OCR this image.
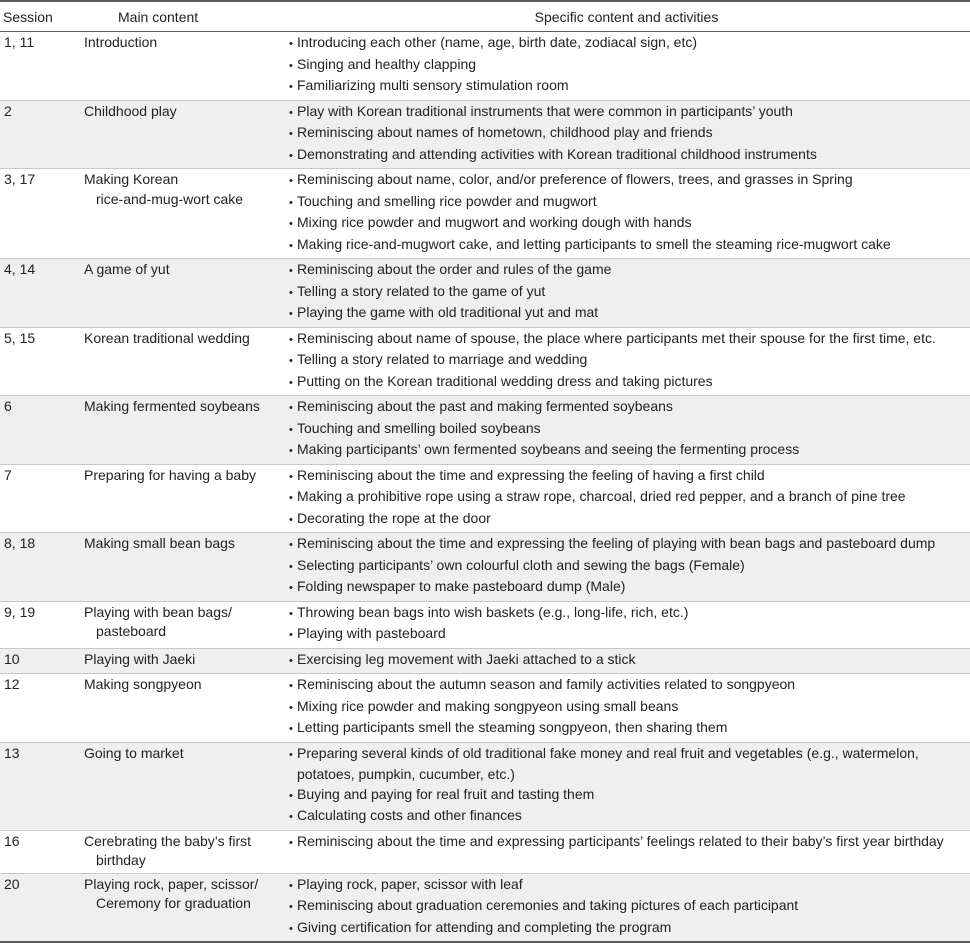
Session	Main content	Specific content and activities
1, 11	Introduction	• Introducing each other (name, age, birth date, zodiacal sign, etc)
• Singing and healthy clapping
• Familiarizing multi sensory stimulation room

2	Childhood play	• Play with Korean traditional instruments that were common in participants’ youth
• Reminiscing about names of hometown, childhood play and friends
• Demonstrating and attending activities with Korean traditional childhood instruments

3, 17	Making Korean
rice-and-mug-wort cake	• Reminiscing about name, color, and/or preference of flowers, trees, and grasses in Spring
• Touching and smelling rice powder and mugwort
• Mixing rice powder and mugwort and working dough with hands
• Making rice-and-mugwort cake, and letting participants to smell the steaming rice-mugwort cake

4, 14	A game of yut	• Reminiscing about the order and rules of the game
• Telling a story related to the game of yut
• Playing the game with old traditional yut and mat

5, 15	Korean traditional wedding	• Reminiscing about name of spouse, the place where participants met their spouse for the first time, etc.
• Telling a story related to marriage and wedding
• Putting on the Korean traditional wedding dress and taking pictures

6	Making fermented soybeans	• Reminiscing about the past and making fermented soybeans
• Touching and smelling boiled soybeans
• Making participants’ own fermented soybeans and seeing the fermenting process

7	Preparing for having a baby	• Reminiscing about the time and expressing the feeling of having a first child
• Making a prohibitive rope using a straw rope, charcoal, dried red pepper, and a branch of pine tree
• Decorating the rope at the door

8, 18	Making small bean bags	• Reminiscing about the time and expressing the feeling of playing with bean bags and pasteboard dump
• Selecting participants’ own colourful cloth and sewing the bags (Female)
• Folding newspaper to make pasteboard dump (Male)

9, 19	Playing with bean bags/
pasteboard	• Throwing bean bags into wish baskets (e.g., long-life, rich, etc.)
• Playing with pasteboard

10	Playing with Jaeki	• Exercising leg movement with Jaeki attached to a stick

12	Making songpyeon	• Reminiscing about the autumn season and family activities related to songpyeon
• Mixing rice powder and making songpyeon using small beans
• Letting participants smell the steaming songpyeon, then sharing them

13	Going to market	• Preparing several kinds of old traditional fake money and real fruit and vegetables (e.g., watermelon, potatoes, pumpkin, cucumber, etc.)
• Buying and paying for real fruit and tasting them
• Calculating costs and other finances

16	Cerebrating the baby’s first
birthday	• Reminiscing about the time and expressing participants’ feelings related to their baby’s first year birthday

20	Playing rock, paper, scissor/
Ceremony for graduation	• Playing rock, paper, scissor with leaf
• Reminiscing about graduation ceremonies and taking pictures of each participant
• Giving certification for attending and completing the program
